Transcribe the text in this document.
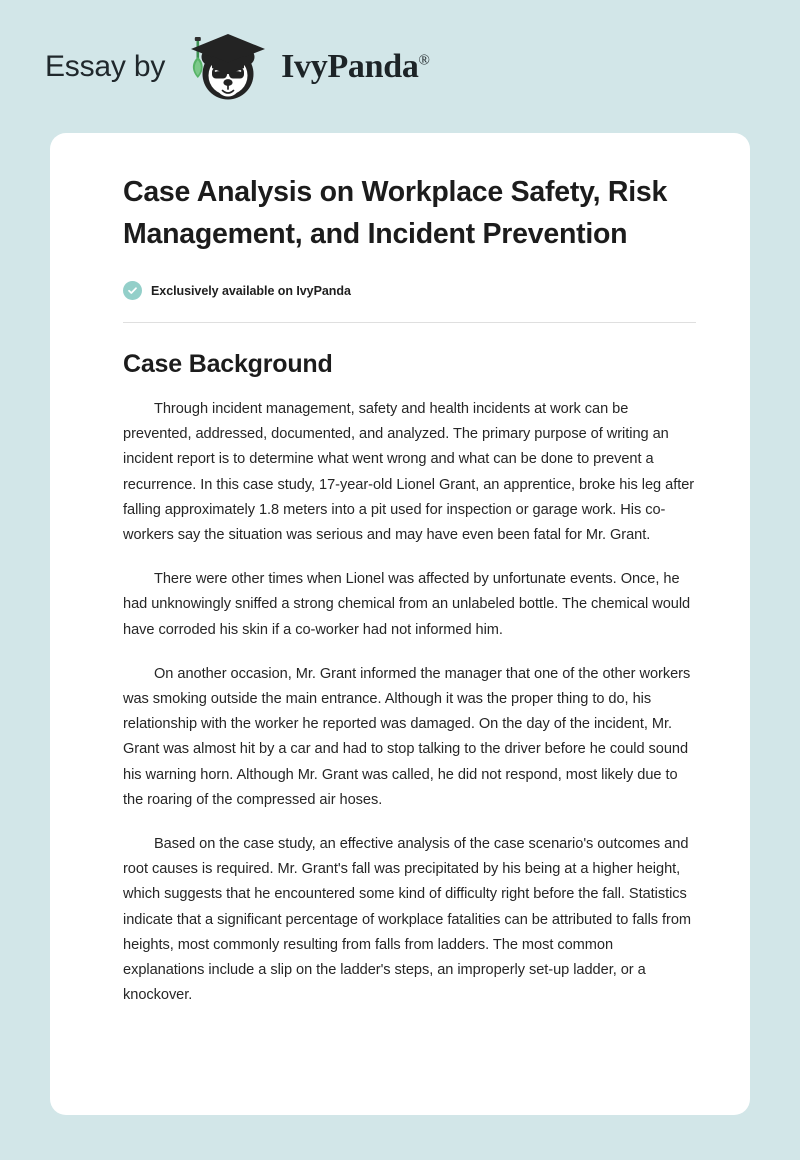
Essay by	IvyPanda®
Case Analysis on Workplace Safety, Risk Management, and Incident Prevention
Exclusively available on IvyPanda
Case Background

Through incident management, safety and health incidents at work can be prevented, addressed, documented, and analyzed. The primary purpose of writing an incident report is to determine what went wrong and what can be done to prevent a recurrence. In this case study, 17-year-old Lionel Grant, an apprentice, broke his leg after falling approximately 1.8 meters into a pit used for inspection or garage work. His co-workers say the situation was serious and may have even been fatal for Mr. Grant.

There were other times when Lionel was affected by unfortunate events. Once, he had unknowingly sniffed a strong chemical from an unlabeled bottle. The chemical would have corroded his skin if a co-worker had not informed him.

On another occasion, Mr. Grant informed the manager that one of the other workers was smoking outside the main entrance. Although it was the proper thing to do, his relationship with the worker he reported was damaged. On the day of the incident, Mr. Grant was almost hit by a car and had to stop talking to the driver before he could sound his warning horn. Although Mr. Grant was called, he did not respond, most likely due to the roaring of the compressed air hoses.

Based on the case study, an effective analysis of the case scenario's outcomes and root causes is required. Mr. Grant's fall was precipitated by his being at a higher height, which suggests that he encountered some kind of difficulty right before the fall. Statistics indicate that a significant percentage of workplace fatalities can be attributed to falls from heights, most commonly resulting from falls from ladders. The most common explanations include a slip on the ladder's steps, an improperly set-up ladder, or a knockover.
